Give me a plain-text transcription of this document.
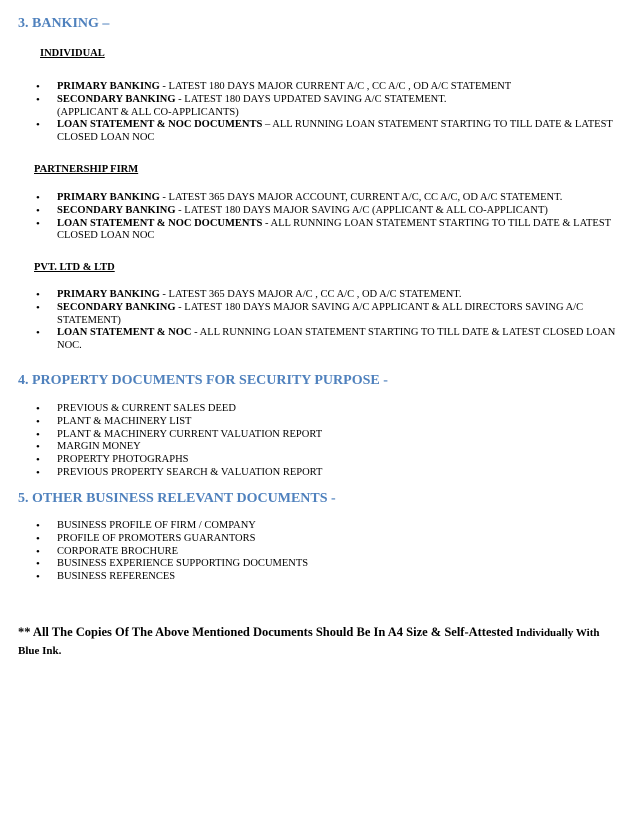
3. BANKING –

INDIVIDUAL

• PRIMARY BANKING - LATEST 180 DAYS MAJOR CURRENT A/C , CC A/C , OD A/C STATEMENT
• SECONDARY BANKING - LATEST 180 DAYS UPDATED SAVING A/C STATEMENT.
(APPLICANT & ALL CO-APPLICANTS)
• LOAN STATEMENT & NOC DOCUMENTS – ALL RUNNING LOAN STATEMENT STARTING TO TILL DATE & LATEST CLOSED LOAN NOC

PARTNERSHIP FIRM

• PRIMARY BANKING - LATEST 365 DAYS MAJOR ACCOUNT, CURRENT A/C, CC A/C, OD A/C STATEMENT.
• SECONDARY BANKING - LATEST 180 DAYS MAJOR SAVING A/C (APPLICANT & ALL CO-APPLICANT)
• LOAN STATEMENT & NOC DOCUMENTS - ALL RUNNING LOAN STATEMENT STARTING TO TILL DATE & LATEST CLOSED LOAN NOC

PVT. LTD & LTD

• PRIMARY BANKING - LATEST 365 DAYS MAJOR A/C , CC A/C , OD A/C STATEMENT.
• SECONDARY BANKING - LATEST 180 DAYS MAJOR SAVING A/C APPLICANT & ALL DIRECTORS SAVING A/C STATEMENT)
• LOAN STATEMENT & NOC - ALL RUNNING LOAN STATEMENT STARTING TO TILL DATE & LATEST CLOSED LOAN NOC.
4. PROPERTY DOCUMENTS FOR SECURITY PURPOSE -
• PREVIOUS & CURRENT SALES DEED
• PLANT & MACHINERY LIST
• PLANT & MACHINERY CURRENT VALUATION REPORT
• MARGIN MONEY
• PROPERTY PHOTOGRAPHS
• PREVIOUS PROPERTY SEARCH & VALUATION REPORT
5. OTHER BUSINESS RELEVANT DOCUMENTS -
• BUSINESS PROFILE OF FIRM / COMPANY
• PROFILE OF PROMOTERS GUARANTORS
• CORPORATE BROCHURE
• BUSINESS EXPERIENCE SUPPORTING DOCUMENTS
• BUSINESS REFERENCES

** All The Copies Of The Above Mentioned Documents Should Be In A4 Size & Self-Attested Individually With Blue Ink.
